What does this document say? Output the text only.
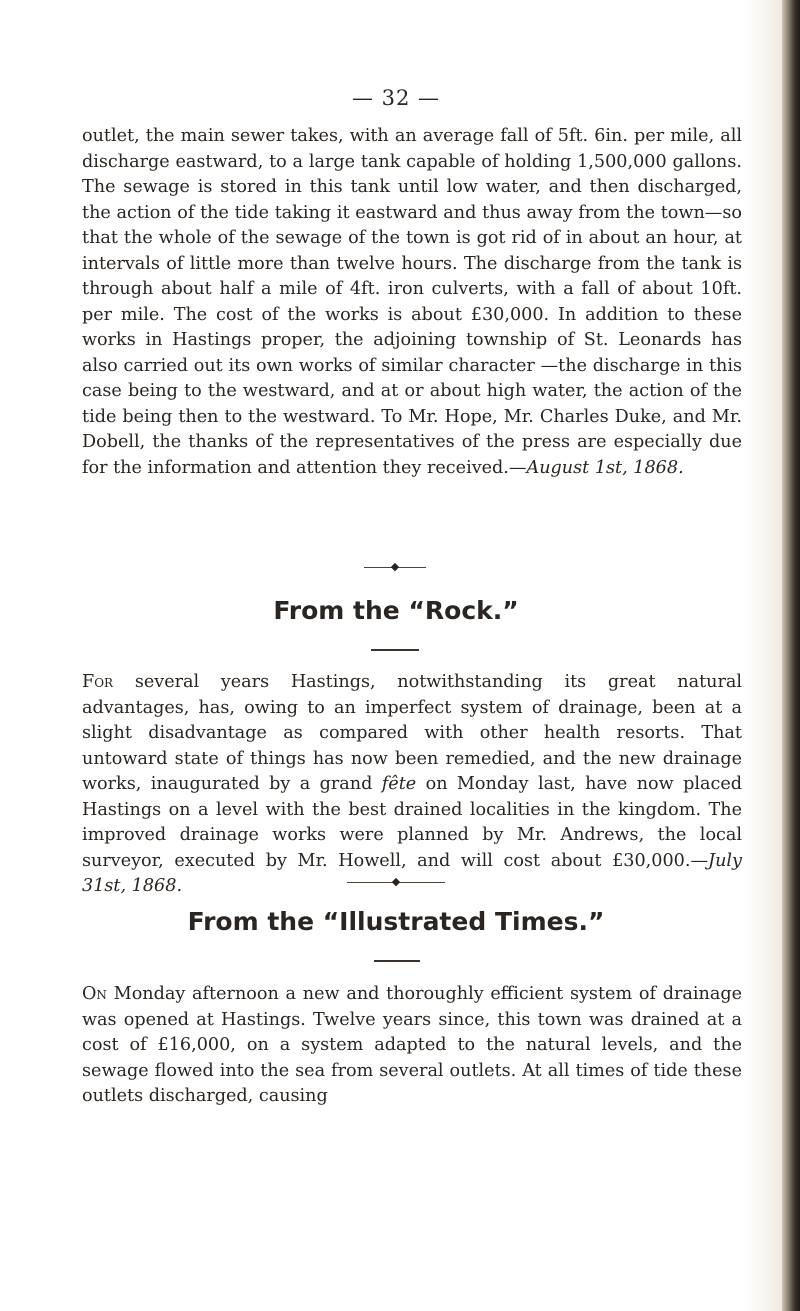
— 32 —

outlet, the main sewer takes, with an average fall of 5ft. 6in. per mile, all discharge eastward, to a large tank capable of holding 1,500,000 gallons. The sewage is stored in this tank until low water, and then discharged, the action of the tide taking it eastward and thus away from the town—so that the whole of the sewage of the town is got rid of in about an hour, at intervals of little more than twelve hours. The discharge from the tank is through about half a mile of 4ft. iron culverts, with a fall of about 10ft. per mile. The cost of the works is about £30,000. In addition to these works in Hastings proper, the adjoining township of St. Leonards has also carried out its own works of similar character —the discharge in this case being to the westward, and at or about high water, the action of the tide being then to the westward. To Mr. Hope, Mr. Charles Duke, and Mr. Dobell, the thanks of the representatives of the press are especially due for the information and attention they received.—August 1st, 1868.

◆
From the “Rock.”

For several years Hastings, notwithstanding its great natural advantages, has, owing to an imperfect system of drainage, been at a slight disadvantage as compared with other health resorts. That untoward state of things has now been remedied, and the new drainage works, inaugurated by a grand fête on Monday last, have now placed Hastings on a level with the best drained localities in the kingdom. The improved drainage works were planned by Mr. Andrews, the local surveyor, executed by Mr. Howell, and will cost about £30,000.—July 31st, 1868.	◆
From the “Illustrated Times.”

On Monday afternoon a new and thoroughly efficient system of drainage was opened at Hastings. Twelve years since, this town was drained at a cost of £16,000, on a system adapted to the natural levels, and the sewage flowed into the sea from several outlets. At all times of tide these outlets discharged, causing
